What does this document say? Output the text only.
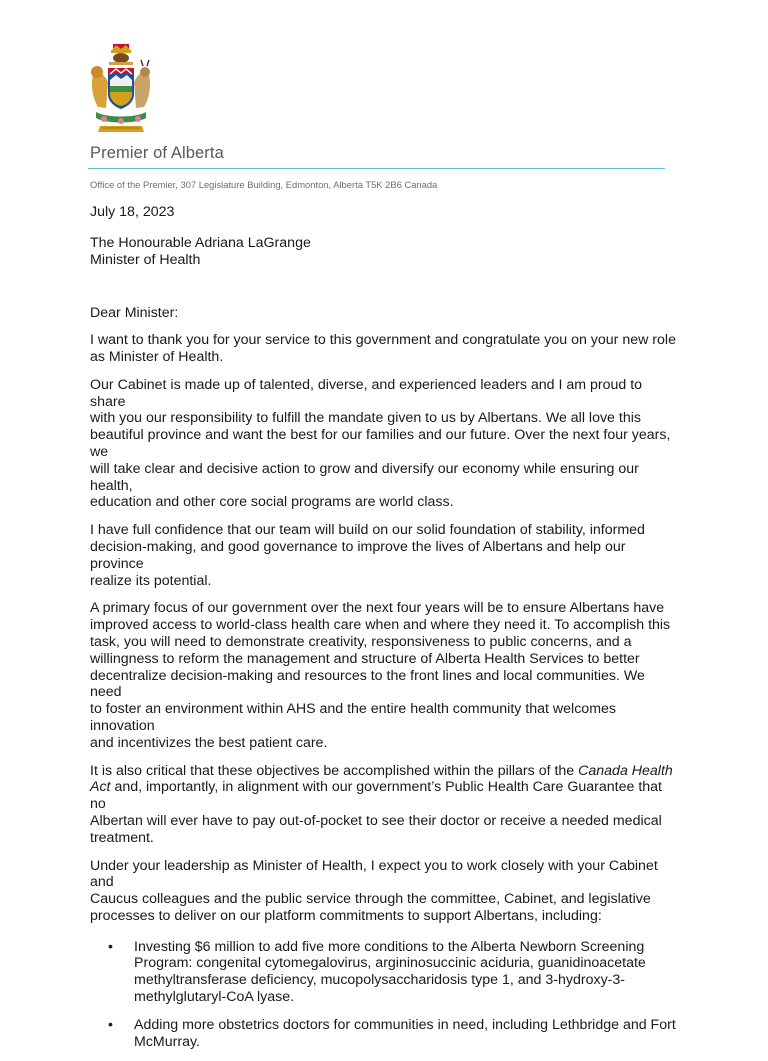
Premier of Alberta
Office of the Premier, 307 Legislature Building, Edmonton, Alberta T5K 2B6 Canada

July 18, 2023

The Honourable Adriana LaGrange
Minister of Health

Dear Minister:

I want to thank you for your service to this government and congratulate you on your new role
as Minister of Health.

Our Cabinet is made up of talented, diverse, and experienced leaders and I am proud to share
with you our responsibility to fulfill the mandate given to us by Albertans. We all love this
beautiful province and want the best for our families and our future. Over the next four years, we
will take clear and decisive action to grow and diversify our economy while ensuring our health,
education and other core social programs are world class.

I have full confidence that our team will build on our solid foundation of stability, informed
decision-making, and good governance to improve the lives of Albertans and help our province
realize its potential.

A primary focus of our government over the next four years will be to ensure Albertans have
improved access to world-class health care when and where they need it. To accomplish this
task, you will need to demonstrate creativity, responsiveness to public concerns, and a
willingness to reform the management and structure of Alberta Health Services to better
decentralize decision-making and resources to the front lines and local communities. We need
to foster an environment within AHS and the entire health community that welcomes innovation
and incentivizes the best patient care.

It is also critical that these objectives be accomplished within the pillars of the Canada Health
Act and, importantly, in alignment with our government’s Public Health Care Guarantee that no
Albertan will ever have to pay out-of-pocket to see their doctor or receive a needed medical
treatment.

Under your leadership as Minister of Health, I expect you to work closely with your Cabinet and
Caucus colleagues and the public service through the committee, Cabinet, and legislative
processes to deliver on our platform commitments to support Albertans, including:

• Investing $6 million to add five more conditions to the Alberta Newborn Screening
Program: congenital cytomegalovirus, argininosuccinic aciduria, guanidinoacetate
methyltransferase deficiency, mucopolysaccharidosis type 1, and 3-hydroxy-3-
methylglutaryl-CoA lyase.
• Adding more obstetrics doctors for communities in need, including Lethbridge and Fort
McMurray.
